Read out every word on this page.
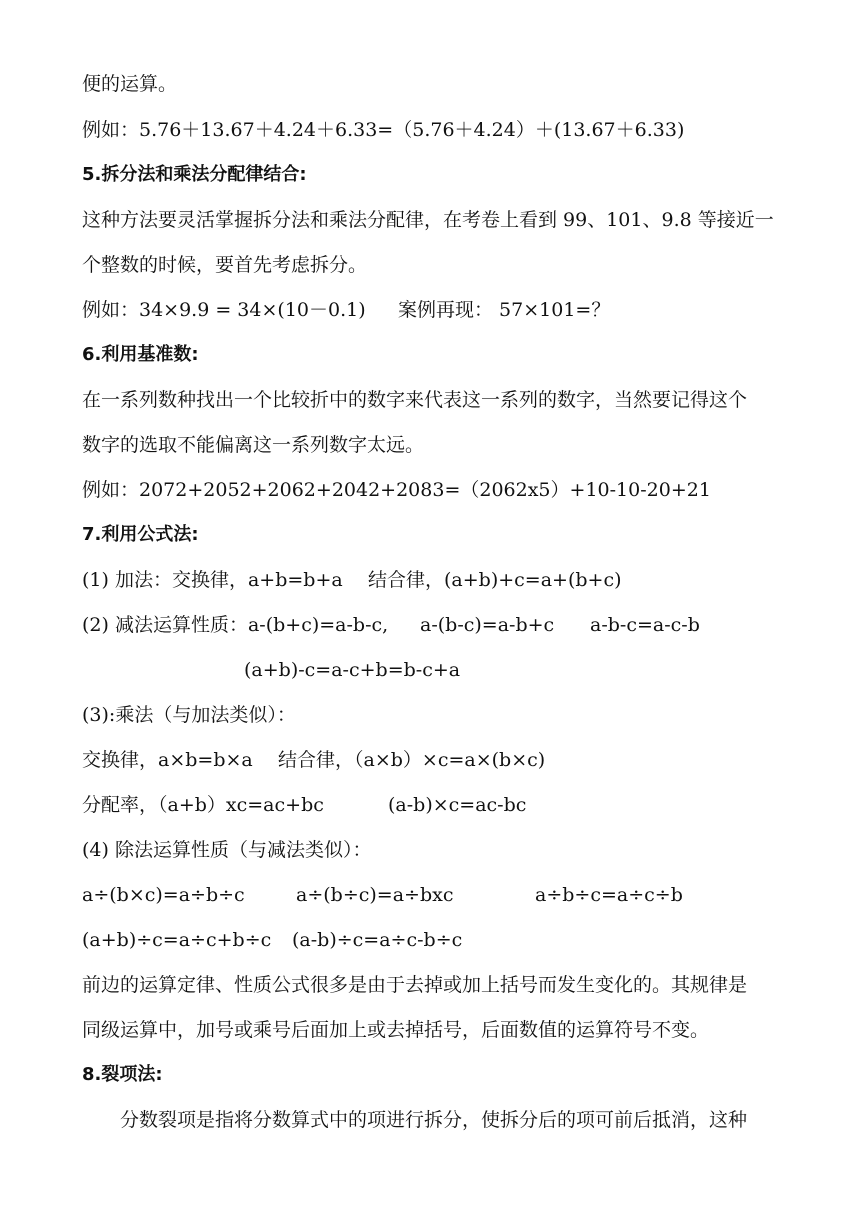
便的运算。
例如：5.76＋13.67＋4.24＋6.33=（5.76＋4.24）＋(13.67＋6.33)
5.拆分法和乘法分配律结合:
这种方法要灵活掌握拆分法和乘法分配律，在考卷上看到 99、101、9.8 等接近一
个整数的时候，要首先考虑拆分。
例如：34×9.9 = 34×(10－0.1) 案例再现： 57×101=？
6.利用基准数:
在一系列数种找出一个比较折中的数字来代表这一系列的数字，当然要记得这个
数字的选取不能偏离这一系列数字太远。
例如：2072+2052+2062+2042+2083=（2062x5）+10-10-20+21
7.利用公式法:
(1) 加法：交换律，a+b=b+a 结合律，(a+b)+c=a+(b+c)
(2) 减法运算性质：a-(b+c)=a-b-c, a-(b-c)=a-b+c a-b-c=a-c-b
(a+b)-c=a-c+b=b-c+a
(3):乘法（与加法类似）：
交换律，a×b=b×a 结合律，（a×b）×c=a×(b×c)
分配率，（a+b）xc=ac+bc	(a-b)×c=ac-bc
(4) 除法运算性质（与减法类似）：
a÷(b×c)=a÷b÷c	a÷(b÷c)=a÷bxc	a÷b÷c=a÷c÷b
(a+b)÷c=a÷c+b÷c (a-b)÷c=a÷c-b÷c
前边的运算定律、性质公式很多是由于去掉或加上括号而发生变化的。其规律是
同级运算中，加号或乘号后面加上或去掉括号，后面数值的运算符号不变。
8.裂项法:
分数裂项是指将分数算式中的项进行拆分，使拆分后的项可前后抵消，这种
